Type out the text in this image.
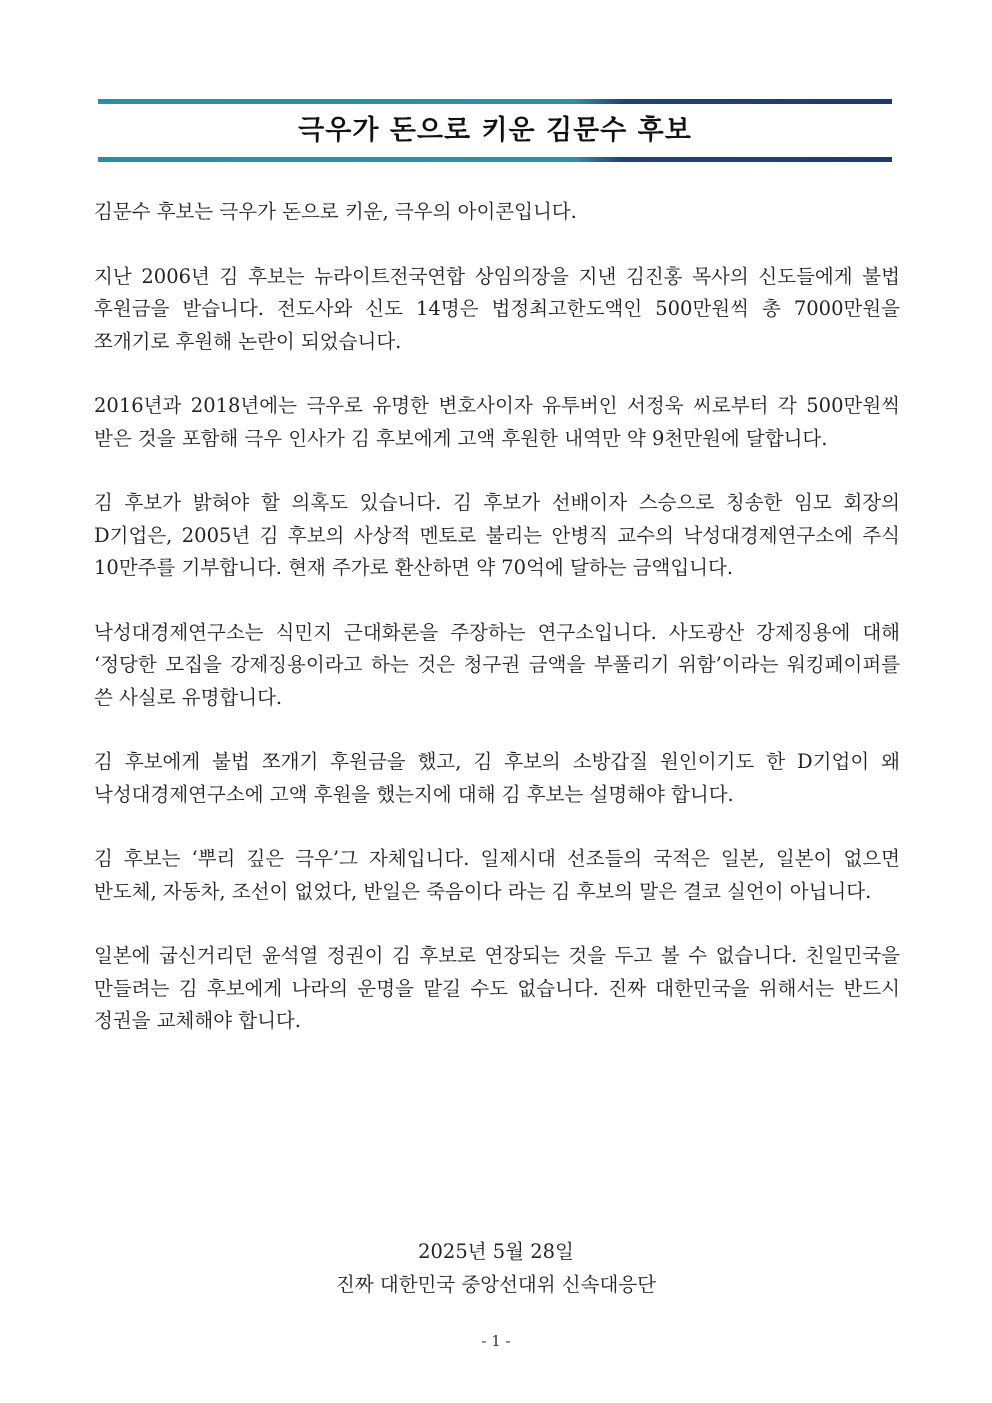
극우가 돈으로 키운 김문수 후보

김문수 후보는 극우가 돈으로 키운, 극우의 아이콘입니다.

지난 2006년 김 후보는 뉴라이트전국연합 상임의장을 지낸 김진홍 목사의 신도들에게 불법 후원금을 받습니다. 전도사와 신도 14명은 법정최고한도액인 500만원씩 총 7000만원을 쪼개기로 후원해 논란이 되었습니다.

2016년과 2018년에는 극우로 유명한 변호사이자 유투버인 서정욱 씨로부터 각 500만원씩 받은 것을 포함해 극우 인사가 김 후보에게 고액 후원한 내역만 약 9천만원에 달합니다.

김 후보가 밝혀야 할 의혹도 있습니다. 김 후보가 선배이자 스승으로 칭송한 임모 회장의 D기업은, 2005년 김 후보의 사상적 멘토로 불리는 안병직 교수의 낙성대경제연구소에 주식 10만주를 기부합니다. 현재 주가로 환산하면 약 70억에 달하는 금액입니다.

낙성대경제연구소는 식민지 근대화론을 주장하는 연구소입니다. 사도광산 강제징용에 대해 ‘정당한 모집을 강제징용이라고 하는 것은 청구권 금액을 부풀리기 위함’이라는 워킹페이퍼를 쓴 사실로 유명합니다.

김 후보에게 불법 쪼개기 후원금을 했고, 김 후보의 소방갑질 원인이기도 한 D기업이 왜 낙성대경제연구소에 고액 후원을 했는지에 대해 김 후보는 설명해야 합니다.

김 후보는 ‘뿌리 깊은 극우’그 자체입니다. 일제시대 선조들의 국적은 일본, 일본이 없으면 반도체, 자동차, 조선이 없었다, 반일은 죽음이다 라는 김 후보의 말은 결코 실언이 아닙니다.

일본에 굽신거리던 윤석열 정권이 김 후보로 연장되는 것을 두고 볼 수 없습니다. 친일민국을 만들려는 김 후보에게 나라의 운명을 맡길 수도 없습니다. 진짜 대한민국을 위해서는 반드시 정권을 교체해야 합니다.

2025년 5월 28일
진짜 대한민국 중앙선대위 신속대응단
- 1 -
